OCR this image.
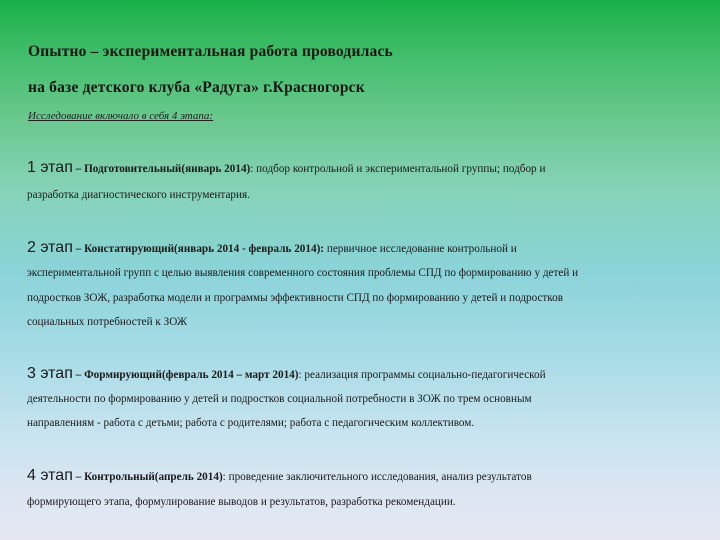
Опытно – экспериментальная работа проводилась
на базе детского клуба «Радуга» г.Красногорск
Исследование включало в себя 4 этапа:
1 этап – Подготовительный(январь 2014): подбор контрольной и экспериментальной группы; подбор и
разработка диагностического инструментария.
2 этап – Констатирующий(январь 2014 - февраль 2014): первичное исследование контрольной и
экспериментальной групп с целью выявления современного состояния проблемы СПД по формированию у детей и
подростков ЗОЖ, разработка модели и программы эффективности СПД по формированию у детей и подростков
социальных потребностей к ЗОЖ
3 этап – Формирующий(февраль 2014 – март 2014): реализация программы социально-педагогической
деятельности по формированию у детей и подростков социальной потребности в ЗОЖ по трем основным
направлениям - работа с детьми; работа с родителями; работа с педагогическим коллективом.
4 этап – Контрольный(апрель 2014): проведение заключительного исследования, анализ результатов
формирующего этапа, формулирование выводов и результатов, разработка рекомендации.
